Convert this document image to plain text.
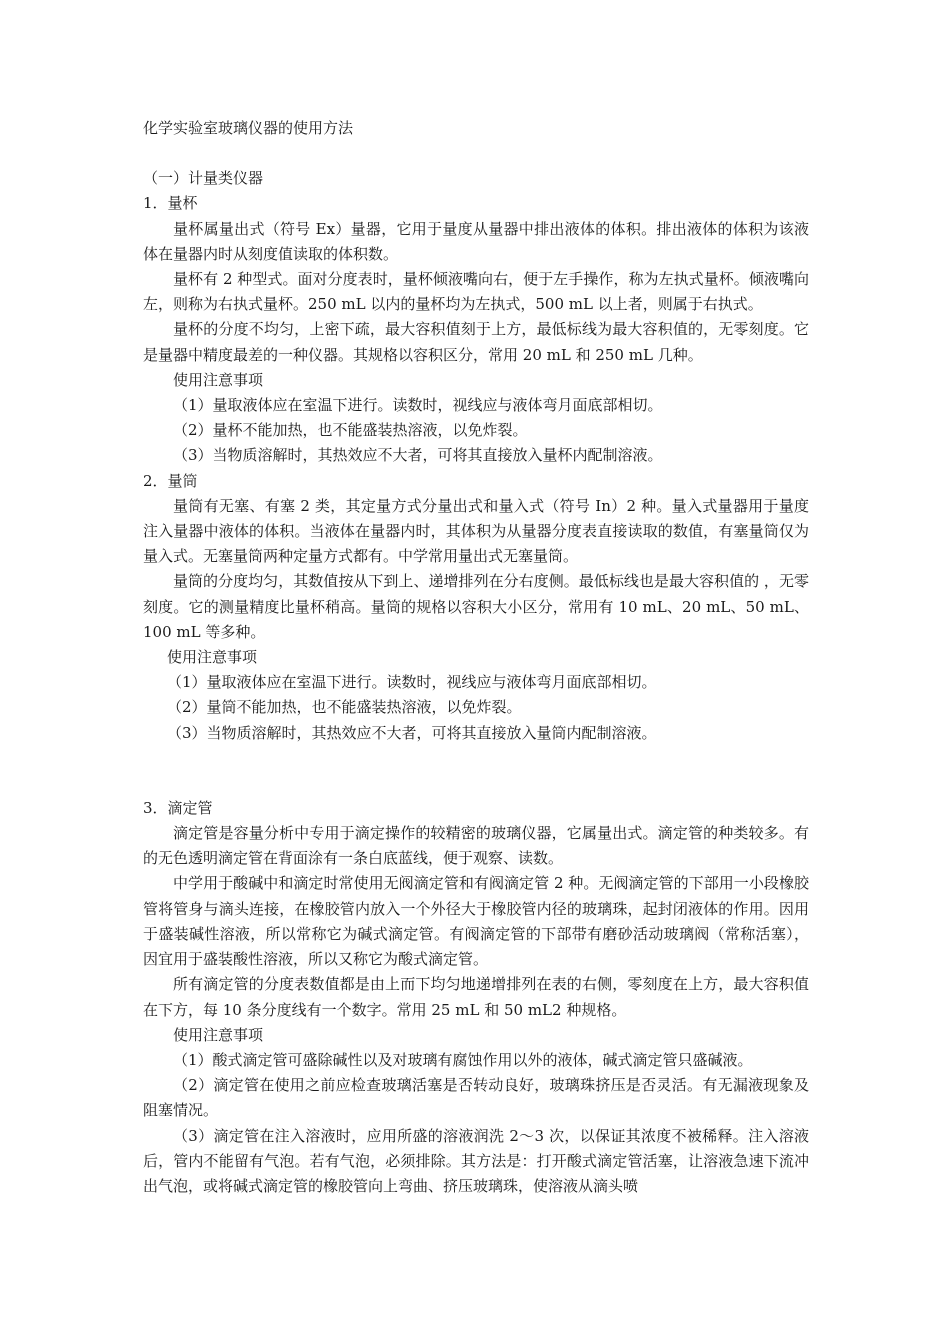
化学实验室玻璃仪器的使用方法

（一）计量类仪器

1．量杯

量杯属量出式（符号 Ex）量器，它用于量度从量器中排出液体的体积。排出液体的体积为该液体在量器内时从刻度值读取的体积数。

量杯有 2 种型式。面对分度表时，量杯倾液嘴向右，便于左手操作，称为左执式量杯。倾液嘴向左，则称为右执式量杯。250 mL 以内的量杯均为左执式，500 mL 以上者，则属于右执式。

量杯的分度不均匀，上密下疏，最大容积值刻于上方，最低标线为最大容积值的，无零刻度。它是量器中精度最差的一种仪器。其规格以容积区分，常用 20 mL 和 250 mL 几种。

使用注意事项

（1）量取液体应在室温下进行。读数时，视线应与液体弯月面底部相切。

（2）量杯不能加热，也不能盛装热溶液，以免炸裂。

（3）当物质溶解时，其热效应不大者，可将其直接放入量杯内配制溶液。

2．量筒

量筒有无塞、有塞 2 类，其定量方式分量出式和量入式（符号 In）2 种。量入式量器用于量度注入量器中液体的体积。当液体在量器内时，其体积为从量器分度表直接读取的数值，有塞量筒仅为量入式。无塞量筒两种定量方式都有。中学常用量出式无塞量筒。

量筒的分度均匀，其数值按从下到上、递增排列在分右度侧。最低标线也是最大容积值的 ，无零刻度。它的测量精度比量杯稍高。量筒的规格以容积大小区分，常用有 10 mL、20 mL、50 mL、100 mL 等多种。

使用注意事项

（1）量取液体应在室温下进行。读数时，视线应与液体弯月面底部相切。

（2）量筒不能加热，也不能盛装热溶液，以免炸裂。

（3）当物质溶解时，其热效应不大者，可将其直接放入量筒内配制溶液。

3．滴定管

滴定管是容量分析中专用于滴定操作的较精密的玻璃仪器，它属量出式。滴定管的种类较多。有的无色透明滴定管在背面涂有一条白底蓝线，便于观察、读数。

中学用于酸碱中和滴定时常使用无阀滴定管和有阀滴定管 2 种。无阀滴定管的下部用一小段橡胶管将管身与滴头连接，在橡胶管内放入一个外径大于橡胶管内径的玻璃珠，起封闭液体的作用。因用于盛装碱性溶液，所以常称它为碱式滴定管。有阀滴定管的下部带有磨砂活动玻璃阀（常称活塞），因宜用于盛装酸性溶液，所以又称它为酸式滴定管。

所有滴定管的分度表数值都是由上而下均匀地递增排列在表的右侧，零刻度在上方，最大容积值在下方，每 10 条分度线有一个数字。常用 25 mL 和 50 mL2 种规格。

使用注意事项

（1）酸式滴定管可盛除碱性以及对玻璃有腐蚀作用以外的液体，碱式滴定管只盛碱液。

（2）滴定管在使用之前应检查玻璃活塞是否转动良好，玻璃珠挤压是否灵活。有无漏液现象及阻塞情况。

（3）滴定管在注入溶液时，应用所盛的溶液润洗 2～3 次，以保证其浓度不被稀释。注入溶液后，管内不能留有气泡。若有气泡，必须排除。其方法是：打开酸式滴定管活塞，让溶液急速下流冲出气泡，或将碱式滴定管的橡胶管向上弯曲、挤压玻璃珠，使溶液从滴头喷
